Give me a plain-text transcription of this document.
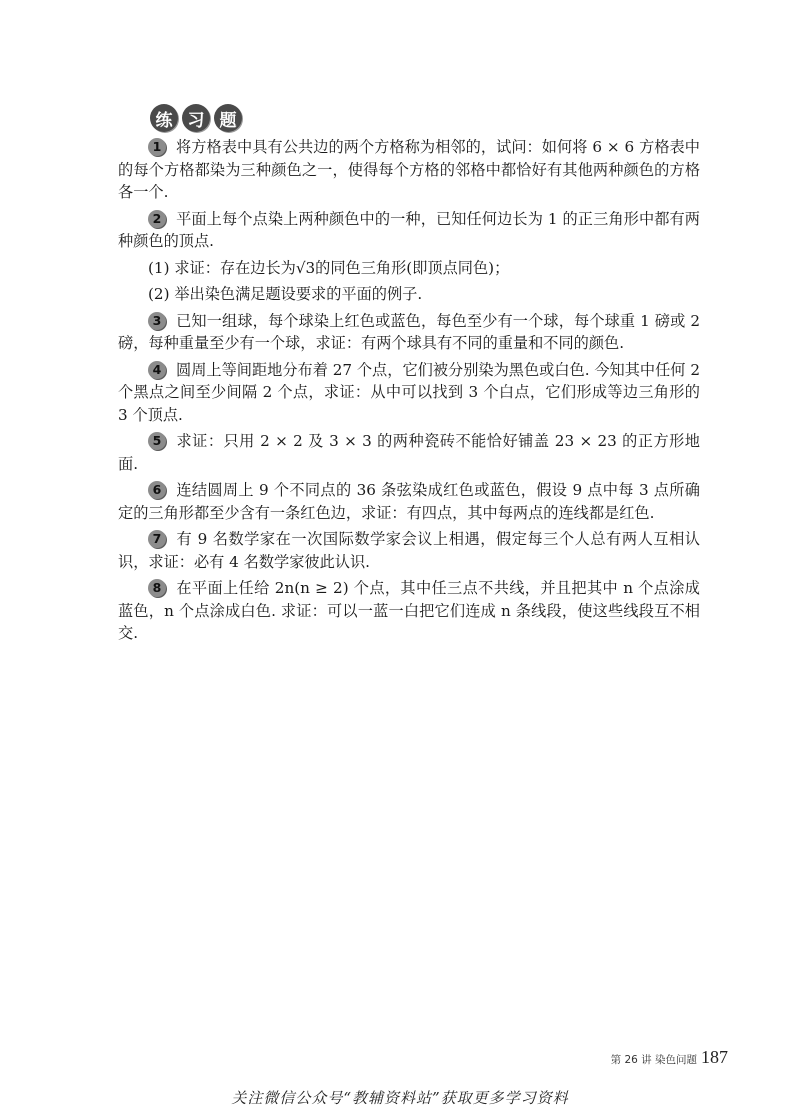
练 习 题

1 将方格表中具有公共边的两个方格称为相邻的，试问：如何将 6 × 6 方格表中的每个方格都染为三种颜色之一，使得每个方格的邻格中都恰好有其他两种颜色的方格各一个.

2 平面上每个点染上两种颜色中的一种，已知任何边长为 1 的正三角形中都有两种颜色的顶点.

(1) 求证：存在边长为√3的同色三角形(即顶点同色)；

(2) 举出染色满足题设要求的平面的例子.

3 已知一组球，每个球染上红色或蓝色，每色至少有一个球，每个球重 1 磅或 2 磅，每种重量至少有一个球，求证：有两个球具有不同的重量和不同的颜色.

4 圆周上等间距地分布着 27 个点，它们被分别染为黑色或白色. 今知其中任何 2 个黑点之间至少间隔 2 个点，求证：从中可以找到 3 个白点，它们形成等边三角形的 3 个顶点.

5 求证：只用 2 × 2 及 3 × 3 的两种瓷砖不能恰好铺盖 23 × 23 的正方形地面.

6 连结圆周上 9 个不同点的 36 条弦染成红色或蓝色，假设 9 点中每 3 点所确定的三角形都至少含有一条红色边，求证：有四点，其中每两点的连线都是红色.

7 有 9 名数学家在一次国际数学家会议上相遇，假定每三个人总有两人互相认识，求证：必有 4 名数学家彼此认识.

8 在平面上任给 2n(n ≥ 2) 个点，其中任三点不共线，并且把其中 n 个点涂成蓝色，n 个点涂成白色. 求证：可以一蓝一白把它们连成 n 条线段，使这些线段互不相交.

第 26 讲 染色问题 187
关注微信公众号“教辅资料站”获取更多学习资料
